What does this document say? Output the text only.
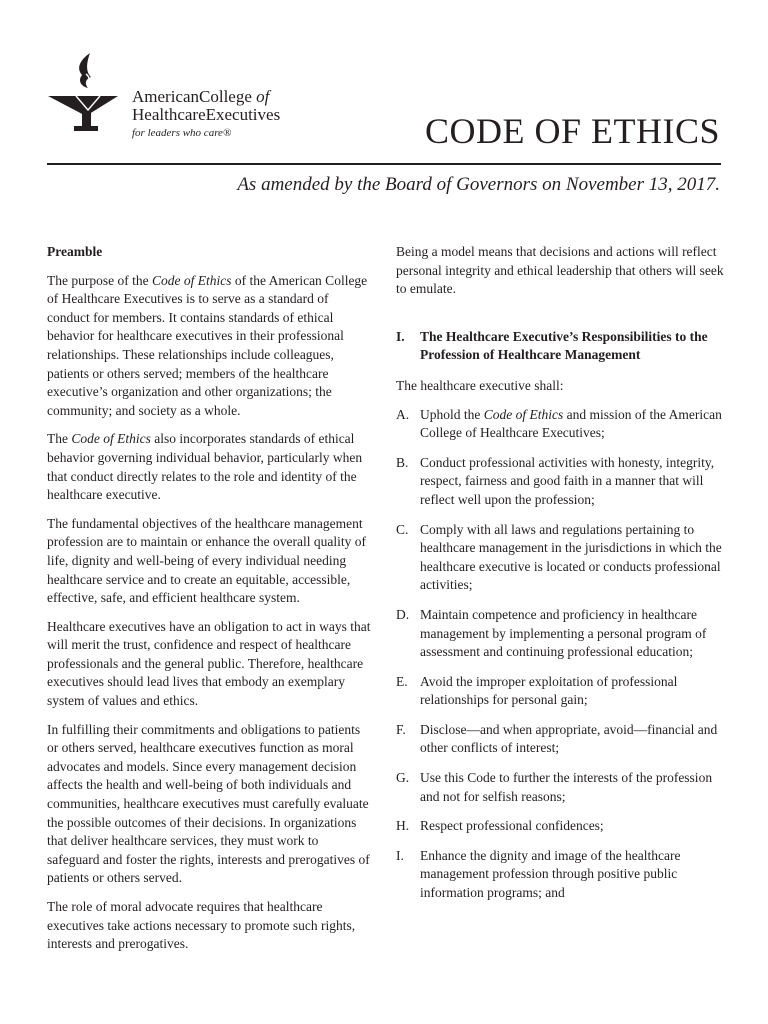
AmericanCollege of
HealthcareExecutives
for leaders who care®	CODE OF ETHICS
As amended by the Board of Governors on November 13, 2017.

Preamble

The purpose of the Code of Ethics of the American College of Healthcare Executives is to serve as a standard of conduct for members. It contains standards of ethical behavior for healthcare executives in their professional relationships. These relationships include colleagues, patients or others served; members of the healthcare executive’s organization and other organizations; the community; and society as a whole.

The Code of Ethics also incorporates standards of ethical behavior governing individual behavior, particularly when that conduct directly relates to the role and identity of the healthcare executive.

The fundamental objectives of the healthcare management profession are to maintain or enhance the overall quality of life, dignity and well-being of every individual needing healthcare service and to create an equitable, accessible, effective, safe, and efficient healthcare system.

Healthcare executives have an obligation to act in ways that will merit the trust, confidence and respect of healthcare professionals and the general public. Therefore, healthcare executives should lead lives that embody an exemplary system of values and ethics.

In fulfilling their commitments and obligations to patients or others served, healthcare executives function as moral advocates and models. Since every management decision affects the health and well-being of both individuals and communities, healthcare executives must carefully evaluate the possible outcomes of their decisions. In organizations that deliver healthcare services, they must work to safeguard and foster the rights, interests and prerogatives of patients or others served.

The role of moral advocate requires that healthcare executives take actions necessary to promote such rights, interests and prerogatives.

Being a model means that decisions and actions will reflect personal integrity and ethical leadership that others will seek to emulate.

I.	The Healthcare Executive’s Responsibilities to the Profession of Healthcare Management

The healthcare executive shall:

A. Uphold the Code of Ethics and mission of the American College of Healthcare Executives;
B. Conduct professional activities with honesty, integrity, respect, fairness and good faith in a manner that will reflect well upon the profession;
C. Comply with all laws and regulations pertaining to healthcare management in the jurisdictions in which the healthcare executive is located or conducts professional activities;
D. Maintain competence and proficiency in healthcare management by implementing a personal program of assessment and continuing professional education;
E. Avoid the improper exploitation of professional relationships for personal gain;
F.	Disclose—and when appropriate, avoid—financial and other conflicts of interest;
G. Use this Code to further the interests of the profession and not for selfish reasons;
H. Respect professional confidences;
I.	Enhance the dignity and image of the healthcare management profession through positive public information programs; and
